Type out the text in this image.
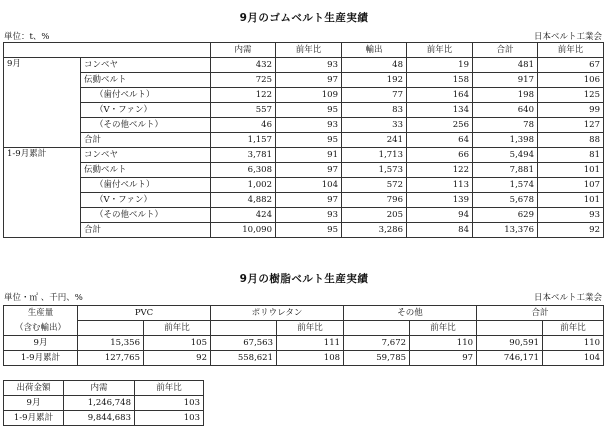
9月のゴムベルト生産実績
単位：t、%	日本ベルト工業会
		内需	前年比	輸出	前年比	合計	前年比
9月	コンベヤ	432	93	48	19	481	67
	伝動ベルト	725	97	192	158	917	106
	（歯付ベルト）	122	109	77	164	198	125
	（V・ファン）	557	95	83	134	640	99
	（その他ベルト）	46	93	33	256	78	127
	合計	1,157	95	241	64	1,398	88
1-9月累計	コンベヤ	3,781	91	1,713	66	5,494	81
	伝動ベルト	6,308	97	1,573	122	7,881	101
	（歯付ベルト）	1,002	104	572	113	1,574	107
	（V・ファン）	4,882	97	796	139	5,678	101
	（その他ベルト）	424	93	205	94	629	93
	合計	10,090	95	3,286	84	13,376	92
9月の樹脂ベルト生産実績
単位・㎡ 、千円、%	日本ベルト工業会
生産量	PVC		ポリウレタン		その他		合計	
（含む輸出）		前年比		前年比		前年比		前年比
9月	15,356	105	67,563	111	7,672	110	90,591	110
1-9月累計	127,765	92	558,621	108	59,785	97	746,171	104
出荷金額	内需	前年比
9月	1,246,748	103
1-9月累計	9,844,683	103
